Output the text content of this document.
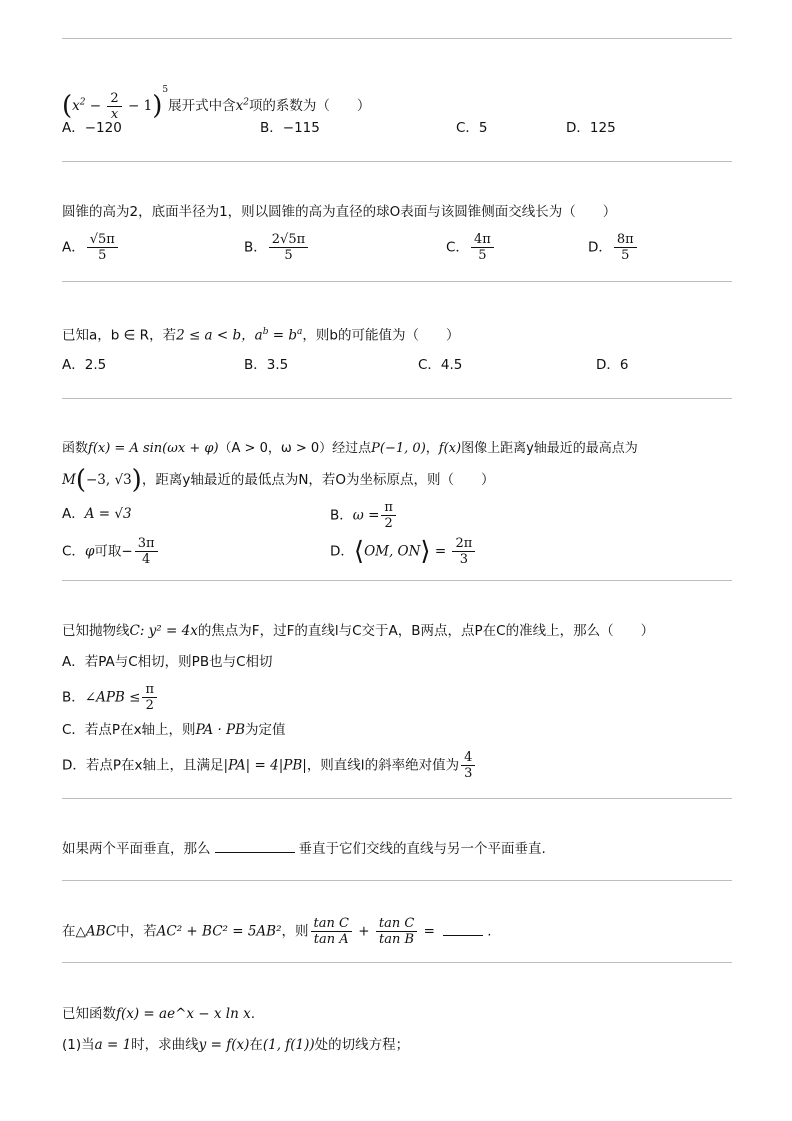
$(x^2 - \frac{2}{x} - 1)^5$展开式中含$x^2$项的系数为（　　）
A．−120	B．−115	C．5	D．125
圆锥的高为2，底面半径为1，则以圆锥的高为直径的球O表面与该圆锥侧面交线长为（　　）
A． $\frac{√5\pi}{5}$	B． $\frac{2√5\pi}{5}$	C． $\frac{4\pi}{5}$	D． $\frac{8\pi}{5}$
已知a，b ∈ R，若2 ≤ a < b，$a^b = b^a$，则b的可能值为（　　）
A．2.5	B．3.5	C．4.5	D．6
函数f(x) = A sin(ωx + φ)（A > 0，ω > 0）经过点P(−1, 0)，f(x)图像上距离y轴最近的最高点为
M(−3, √3)，距离y轴最近的最低点为N，若O为坐标原点，则（　　）
A．A = √3	B．$\omega = \frac{\pi}{2}$
C．φ可取− $\frac{3\pi}{4}$	D．⟨OM, ON⟩ = $\frac{2\pi}{3}$
已知抛物线C: y² = 4x的焦点为F，过F的直线l与C交于A，B两点，点P在C的准线上，那么（　　）
A．若PA与C相切，则PB也与C相切
B．∠APB ≤ $\frac{\pi}{2}$
C．若点P在x轴上，则PA · PB为定值
D．若点P在x轴上，且满足|PA| = 4|PB|，则直线l的斜率绝对值为 $\frac{4}{3}$
如果两个平面垂直，那么	垂直于它们交线的直线与另一个平面垂直.
在△ABC中，若AC² + BC² = 5AB²，则 $\frac{\text{tan C}}{\text{tan A}} + \frac{\text{tan C}}{\text{tan B}}$ =	.
已知函数f(x) = ae^x − x ln x.
(1)当a = 1时，求曲线y = f(x)在(1, f(1))处的切线方程；
